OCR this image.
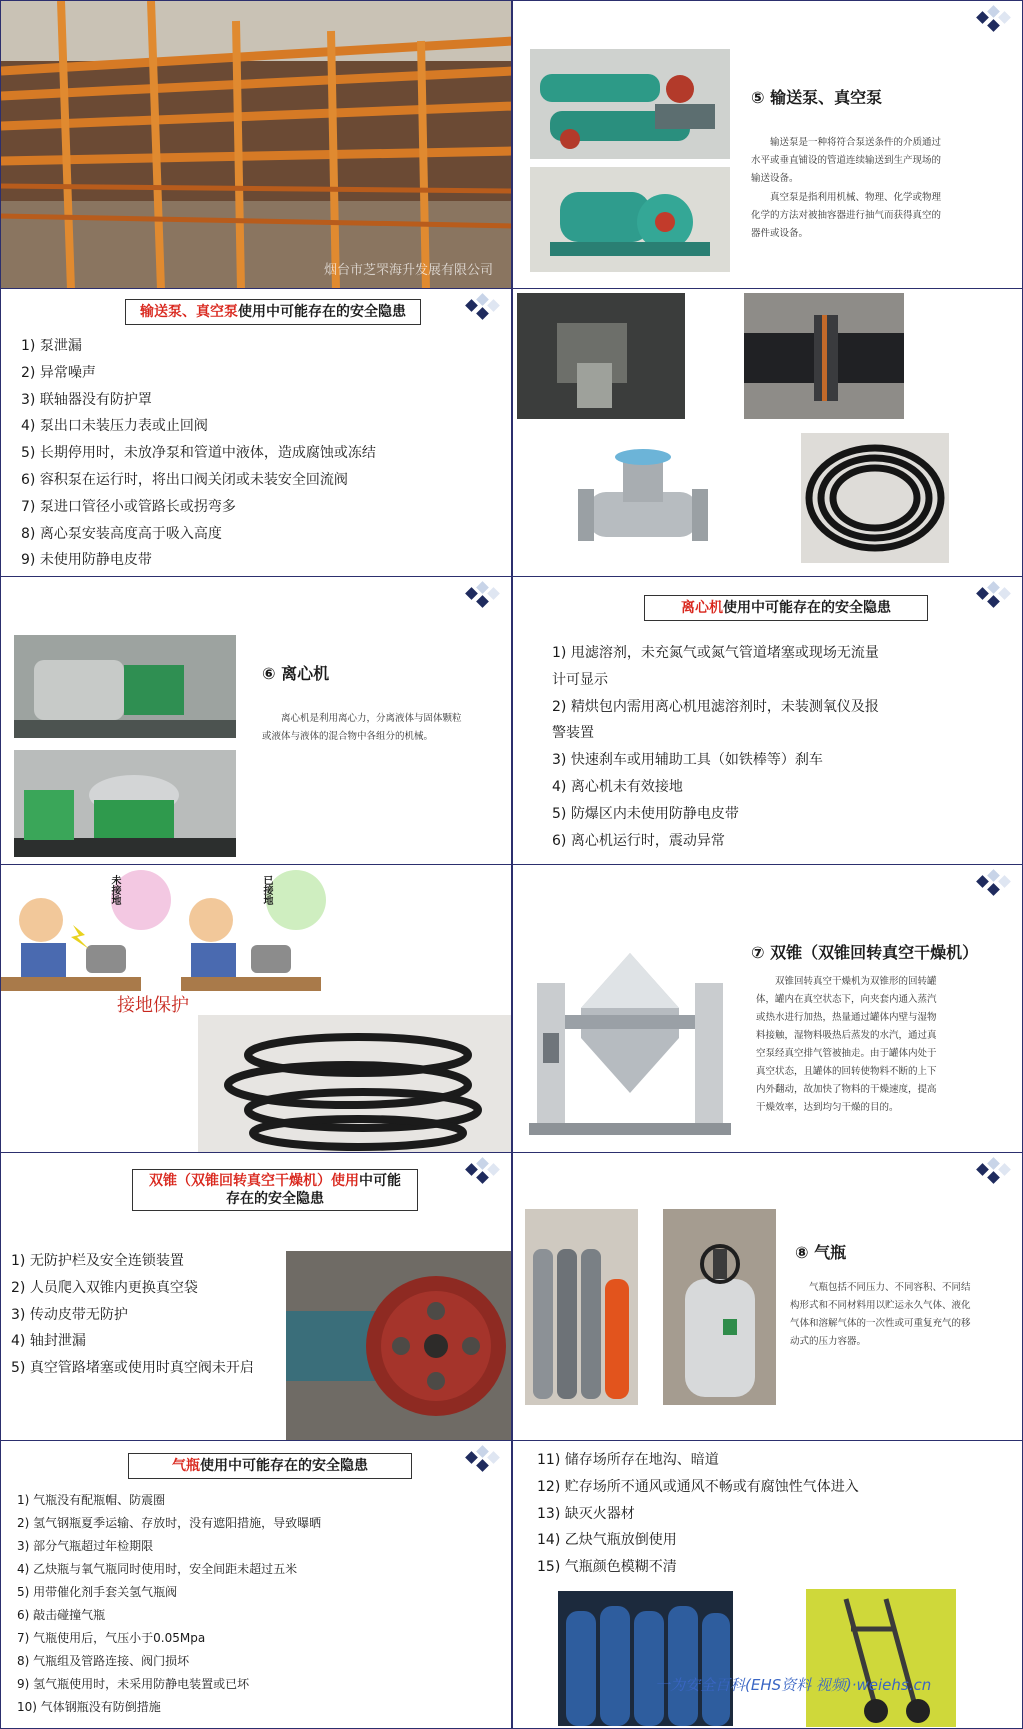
烟台市芝罘海升发展有限公司
⑤ 输送泵、真空泵
输送泵是一种将符合泵送条件的介质通过水平或垂直铺设的管道连续输送到生产现场的输送设备。
真空泵是指利用机械、物理、化学或物理化学的方法对被抽容器进行抽气而获得真空的器件或设备。
输送泵、真空泵使用中可能存在的安全隐患
1) 泵泄漏
2) 异常噪声
3) 联轴器没有防护罩
4) 泵出口未装压力表或止回阀
5) 长期停用时，未放净泵和管道中液体，造成腐蚀或冻结
6) 容积泵在运行时，将出口阀关闭或未装安全回流阀
7) 泵进口管径小或管路长或拐弯多
8) 离心泵安装高度高于吸入高度
9) 未使用防静电皮带
⑥ 离心机
离心机是利用离心力，分离液体与固体颗粒或液体与液体的混合物中各组分的机械。
离心机使用中可能存在的安全隐患
1) 甩滤溶剂，未充氮气或氮气管道堵塞或现场无流量
计可显示
2) 精烘包内需用离心机甩滤溶剂时，未装测氧仪及报
警装置
3) 快速刹车或用辅助工具（如铁棒等）刹车
4) 离心机未有效接地
5) 防爆区内未使用防静电皮带
6) 离心机运行时，震动异常
未接地	已接地
接地保护
⑦ 双锥（双锥回转真空干燥机）
双锥回转真空干燥机为双锥形的回转罐体，罐内在真空状态下，向夹套内通入蒸汽或热水进行加热，热量通过罐体内壁与湿物料接触，湿物料吸热后蒸发的水汽，通过真空泵经真空排气管被抽走。由于罐体内处于真空状态，且罐体的回转使物料不断的上下内外翻动，故加快了物料的干燥速度，提高干燥效率，达到均匀干燥的目的。
双锥（双锥回转真空干燥机）使用中可能
存在的安全隐患
1) 无防护栏及安全连锁装置
2) 人员爬入双锥内更换真空袋
3) 传动皮带无防护
4) 轴封泄漏
5) 真空管路堵塞或使用时真空阀未开启
⑧ 气瓶
气瓶包括不同压力、不同容积、不同结构形式和不同材料用以贮运永久气体、液化气体和溶解气体的一次性或可重复充气的移动式的压力容器。
气瓶使用中可能存在的安全隐患
1) 气瓶没有配瓶帽、防震圈
2) 氢气钢瓶夏季运输、存放时，没有遮阳措施，导致曝晒
3) 部分气瓶超过年检期限
4) 乙炔瓶与氧气瓶同时使用时，安全间距未超过五米
5) 用带催化剂手套关氢气瓶阀
6) 敲击碰撞气瓶
7) 气瓶使用后，气压小于0.05Mpa
8) 气瓶组及管路连接、阀门损坏
9) 氢气瓶使用时，未采用防静电装置或已坏
10) 气体钢瓶没有防倒措施
11) 储存场所存在地沟、暗道
12) 贮存场所不通风或通风不畅或有腐蚀性气体进入
13) 缺灭火器材
14) 乙炔气瓶放倒使用
15) 气瓶颜色模糊不清
一为安全百科(EHS资料 视频)·weiehs.cn
